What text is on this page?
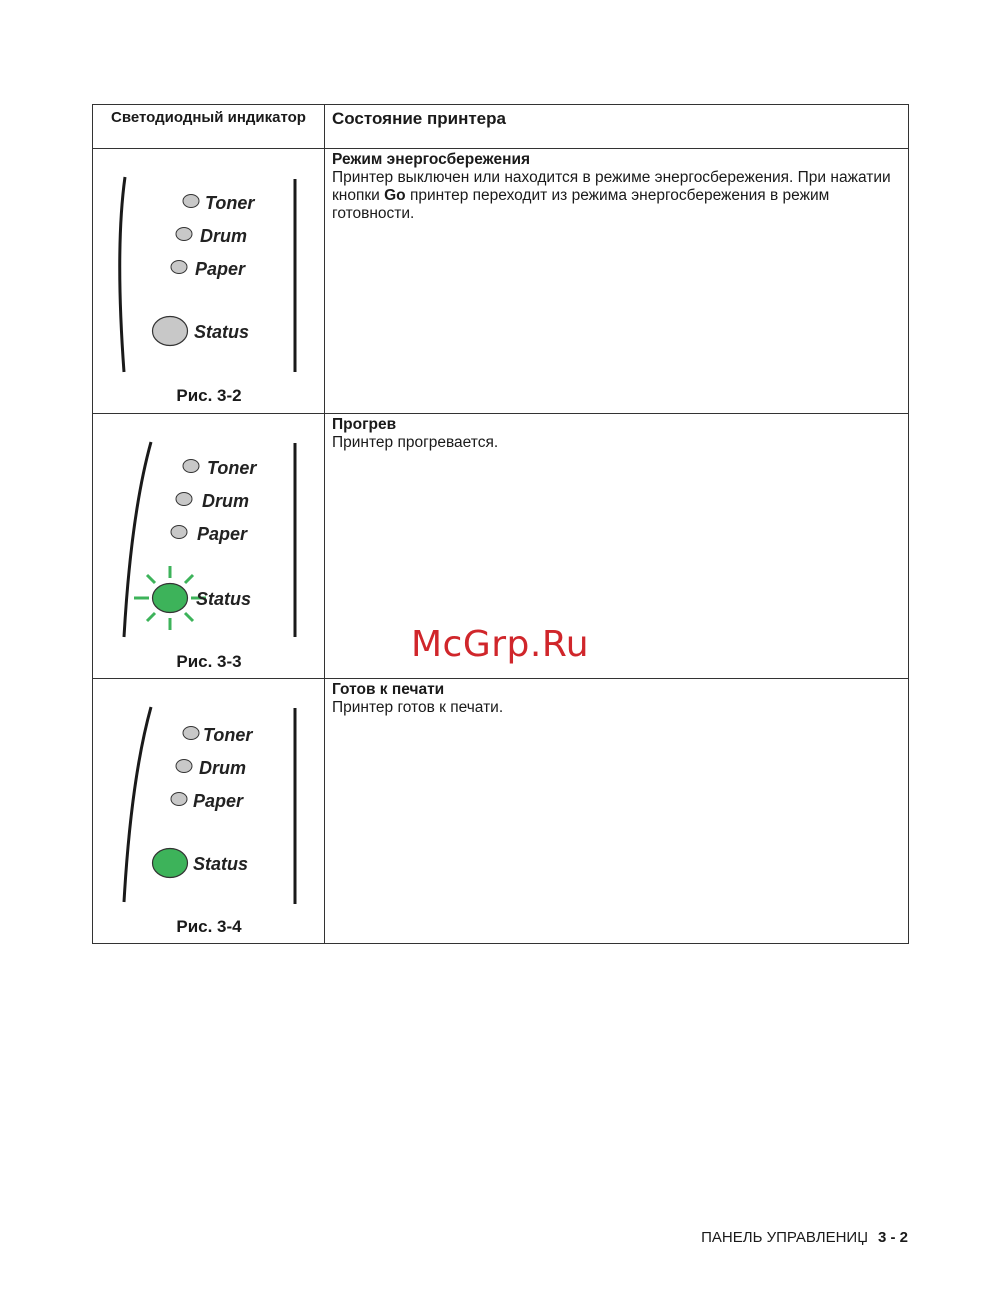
Светодиодный индикатор	Состояние принтера

Toner
Drum
Paper
Status
Рис. 3-2	Режим энергосбережения
Принтер выключен или находится в режиме энергосбережения. При нажатии кнопки Go принтер переходит из режима энергосбережения в режим готовности.

Toner
Drum
Paper
Status
Рис. 3-3	Прогрев
Принтер прогревается.

Toner
Drum
Paper
Status
Рис. 3-4	Готов к печати
Принтер готов к печати.
McGrp.Ru
ПАНЕЛЬ УПРАВЛЕНИЏ 3 - 2
